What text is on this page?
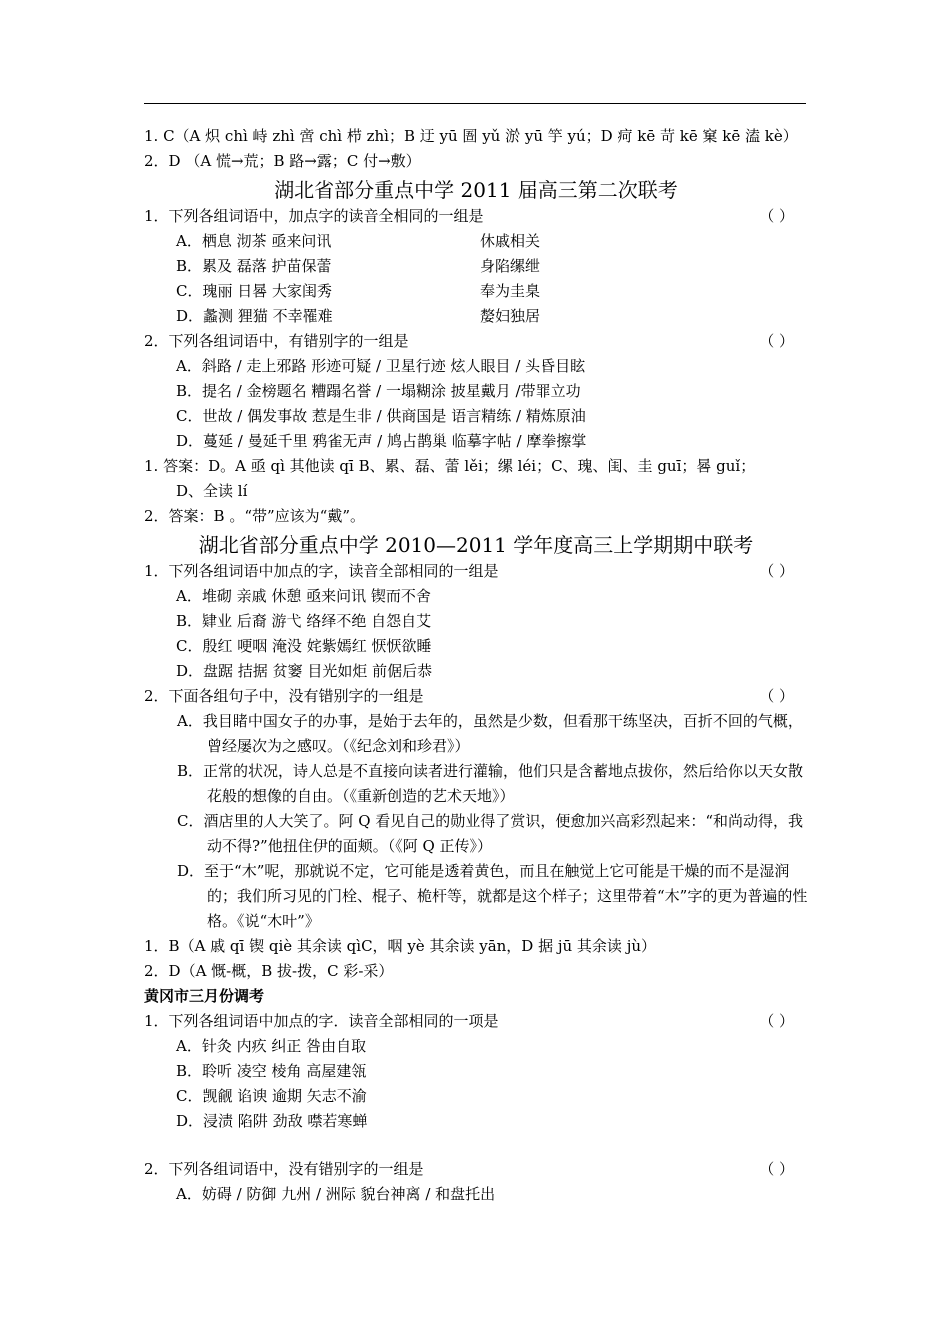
1. C（A 炽 chì 峙 zhì 啻 chì 栉 zhì；B 迂 yū 圄 yǔ 淤 yū 竽 yú；D 疴 kē 苛 kē 窠 kē 溘 kè）
2．D （A 慌→荒；B 路→露；C 付→敷）
湖北省部分重点中学 2011 届高三第二次联考
1．下列各组词语中，加点字的读音全相同的一组是	（ ）
A．栖息 沏茶 亟来问讯	休戚相关
B．累及 磊落 护苗保蕾	身陷缧绁
C．瑰丽 日晷 大家闺秀	奉为圭臬
D．蠡测 狸猫 不幸罹难	嫠妇独居
2．下列各组词语中，有错别字的一组是	（ ）
A．斜路 / 走上邪路 形迹可疑 / 卫星行迹 炫人眼目 / 头昏目眩
B．提名 / 金榜题名 糟蹋名誉 / 一塌糊涂 披星戴月 /带罪立功
C．世故 / 偶发事故 惹是生非 / 供商国是 语言精练 / 精炼原油
D．蔓延 / 曼延千里 鸦雀无声 / 鸠占鹊巢 临摹字帖 / 摩拳擦掌
1. 答案：D。A 亟 qì 其他读 qī B、累、磊、蕾 lěi；缧 léi；C、瑰、闺、圭 guī；晷 guǐ；
D、全读 lí
2．答案：B 。“带”应该为“戴”。
湖北省部分重点中学 2010—2011 学年度高三上学期期中联考
1．下列各组词语中加点的字，读音全部相同的一组是	（ ）
A．堆砌 亲戚 休憩 亟来问讯 锲而不舍
B．肄业 后裔 游弋 络绎不绝 自怨自艾
C．殷红 哽咽 淹没 姹紫嫣红 恹恹欲睡
D．盘踞 拮据 贫窭 目光如炬 前倨后恭
2．下面各组句子中，没有错别字的一组是	（ ）
A．我目睹中国女子的办事，是始于去年的，虽然是少数，但看那干练坚决，百折不回的气概，曾经屡次为之感叹。（《纪念刘和珍君》）
B．正常的状况，诗人总是不直接向读者进行灌输，他们只是含蓄地点拔你，然后给你以天女散花般的想像的自由。（《重新创造的艺术天地》）
C．酒店里的人大笑了。阿 Q 看见自己的勋业得了赏识，便愈加兴高彩烈起来：“和尚动得，我动不得?”他扭住伊的面颊。（《阿 Q 正传》）
D．至于“木”呢，那就说不定，它可能是透着黄色，而且在触觉上它可能是干燥的而不是湿润的；我们所习见的门栓、棍子、桅杆等，就都是这个样子；这里带着“木”字的更为普遍的性格。《说“木叶”》
1．B（A 戚 qī 锲 qiè 其余读 qìC，咽 yè 其余读 yān，D 据 jū 其余读 jù）
2．D（A 慨-概，B 拔-拨，C 彩-采）
黄冈市三月份调考
1．下列各组词语中加点的字．读音全部相同的一项是	（ ）
A．针灸 内疚 纠正 咎由自取
B．聆听 凌空 棱角 高屋建瓴
C．觊觎 谄谀 逾期 矢志不渝
D．浸渍 陷阱 劲敌 噤若寒蝉
2．下列各组词语中，没有错别字的一组是	（ ）
A．妨碍 / 防御 九州 / 洲际 貌台神离 / 和盘托出
